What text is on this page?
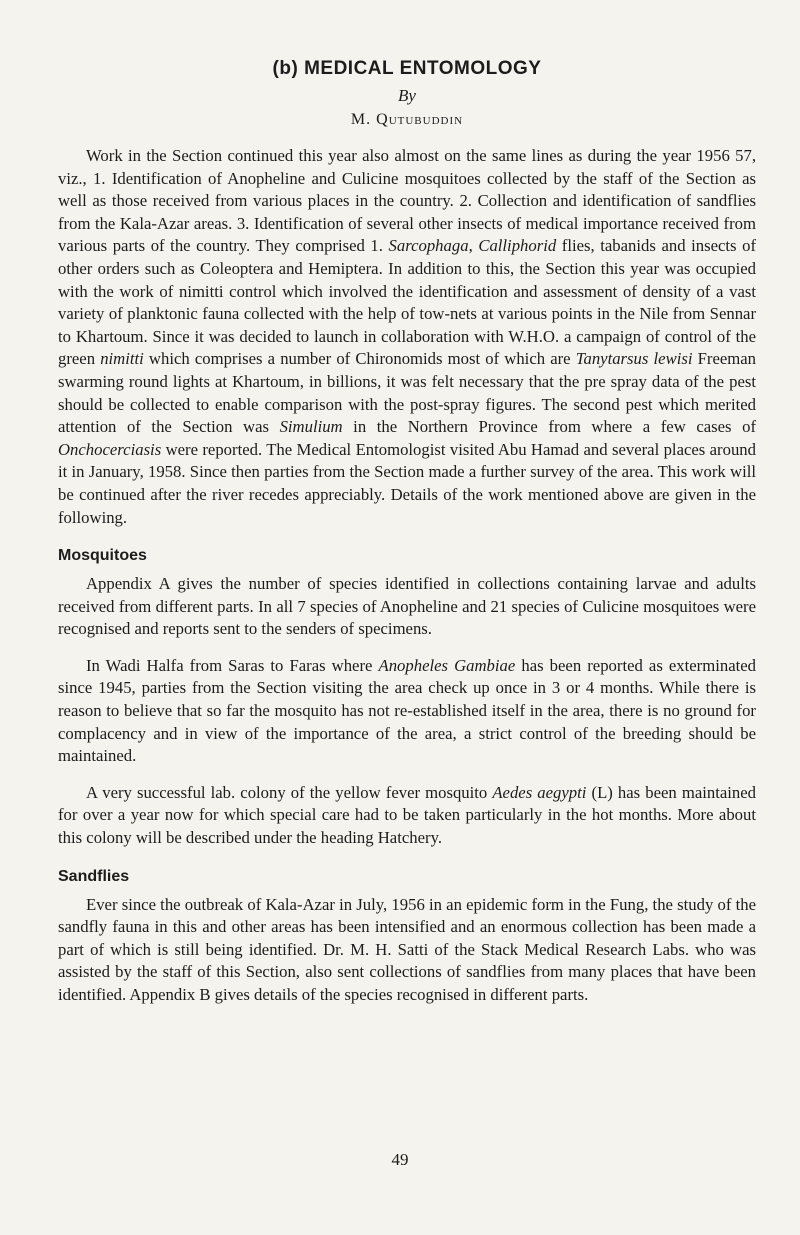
(b) MEDICAL ENTOMOLOGY
By
M. Qutubuddin

Work in the Section continued this year also almost on the same lines as during the year 1956 57, viz., 1. Identification of Anopheline and Culicine mosquitoes collected by the staff of the Section as well as those received from various places in the country. 2. Collection and identification of sandflies from the Kala-Azar areas. 3. Identification of several other insects of medical importance received from various parts of the country. They comprised 1. Sarcophaga, Calliphorid flies, tabanids and insects of other orders such as Coleoptera and Hemiptera. In addition to this, the Section this year was occupied with the work of nimitti control which involved the identification and assessment of density of a vast variety of planktonic fauna collected with the help of tow-nets at various points in the Nile from Sennar to Khartoum. Since it was decided to launch in collaboration with W.H.O. a campaign of control of the green nimitti which comprises a number of Chironomids most of which are Tanytarsus lewisi Freeman swarming round lights at Khartoum, in billions, it was felt necessary that the pre spray data of the pest should be collected to enable comparison with the post-spray figures. The second pest which merited attention of the Section was Simulium in the Northern Province from where a few cases of Onchocerciasis were reported. The Medical Entomologist visited Abu Hamad and several places around it in January, 1958. Since then parties from the Section made a further survey of the area. This work will be continued after the river recedes appreciably. Details of the work mentioned above are given in the following.

Mosquitoes

Appendix A gives the number of species identified in collections containing larvae and adults received from different parts. In all 7 species of Anopheline and 21 species of Culicine mosquitoes were recognised and reports sent to the senders of specimens.

In Wadi Halfa from Saras to Faras where Anopheles Gambiae has been reported as exterminated since 1945, parties from the Section visiting the area check up once in 3 or 4 months. While there is reason to believe that so far the mosquito has not re-established itself in the area, there is no ground for complacency and in view of the importance of the area, a strict control of the breeding should be maintained.

A very successful lab. colony of the yellow fever mosquito Aedes aegypti (L) has been maintained for over a year now for which special care had to be taken particularly in the hot months. More about this colony will be described under the heading Hatchery.

Sandflies

Ever since the outbreak of Kala-Azar in July, 1956 in an epidemic form in the Fung, the study of the sandfly fauna in this and other areas has been intensified and an enormous collection has been made a part of which is still being identified. Dr. M. H. Satti of the Stack Medical Research Labs. who was assisted by the staff of this Section, also sent collections of sandflies from many places that have been identified. Appendix B gives details of the species recognised in different parts.

49
